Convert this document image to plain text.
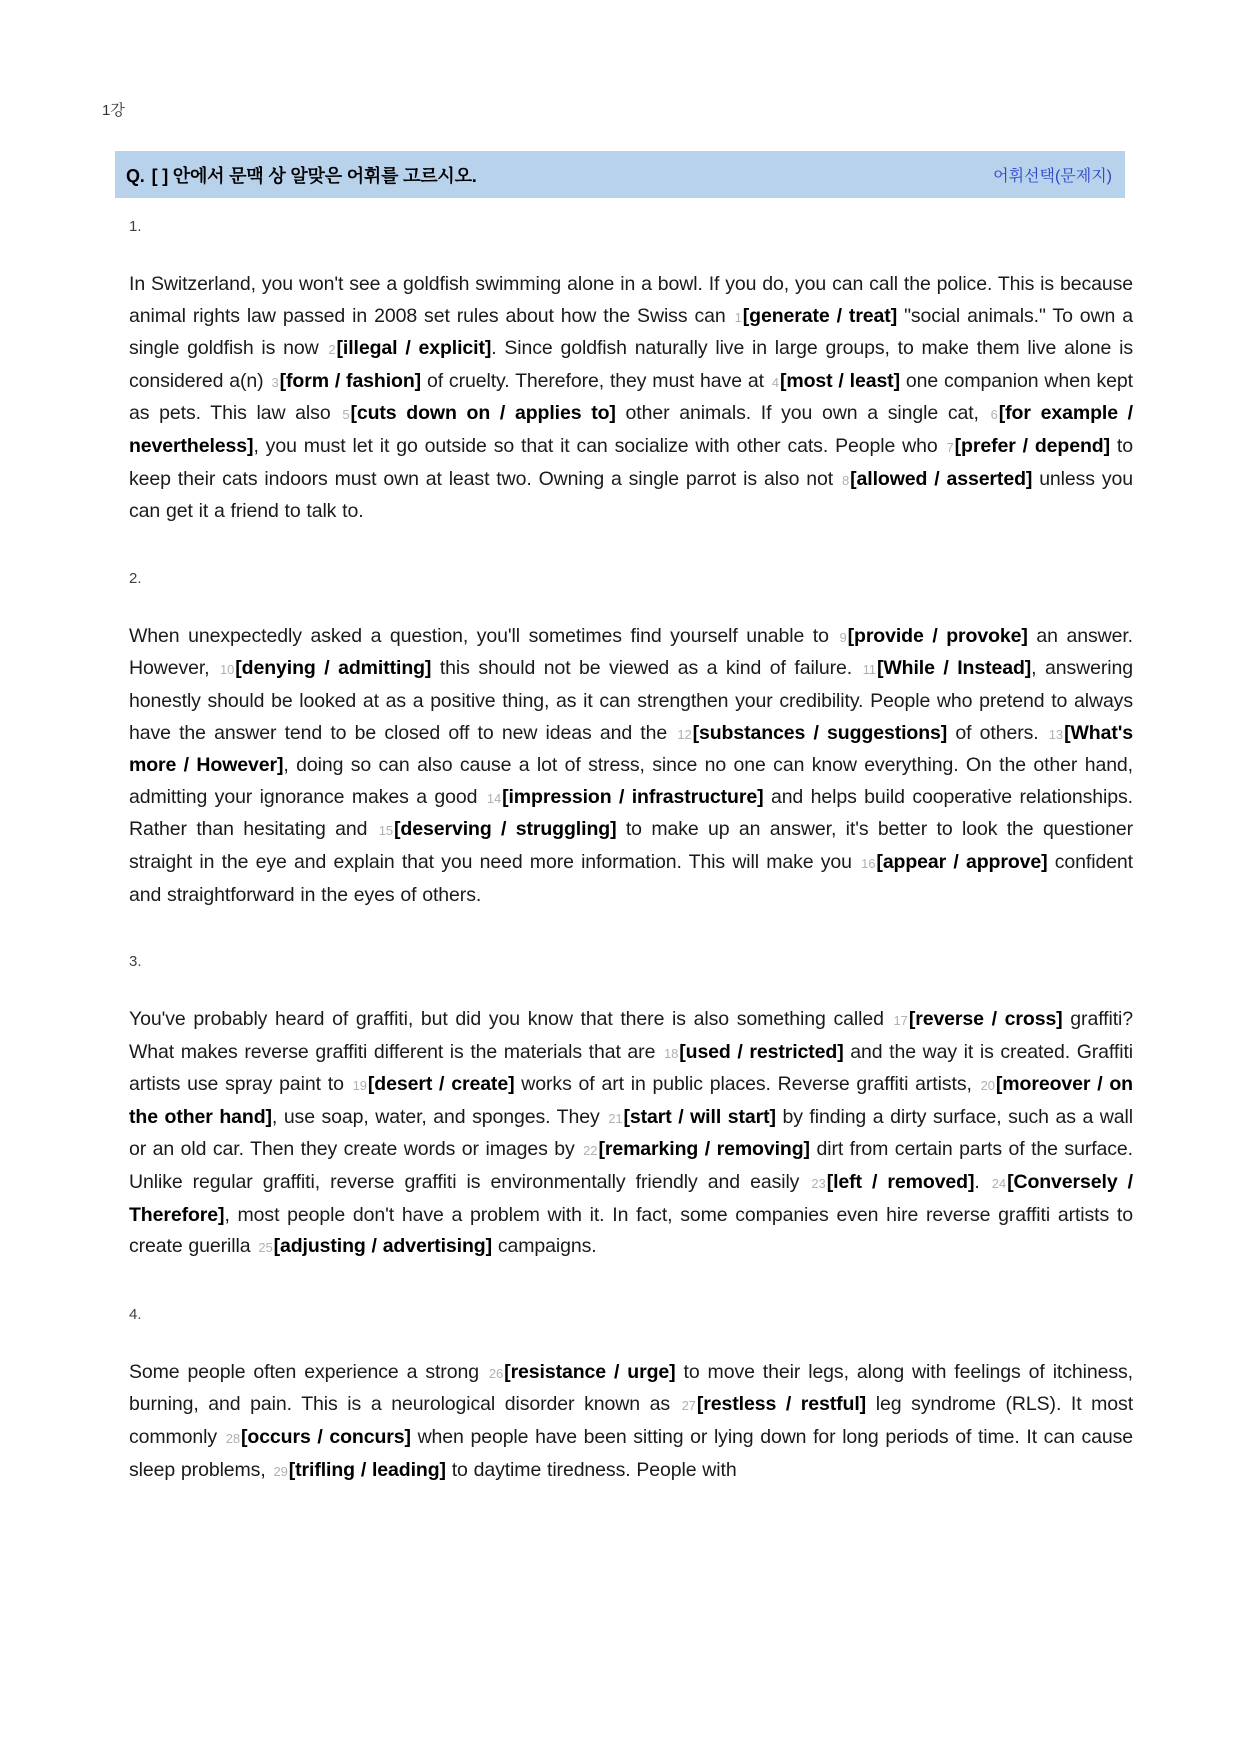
1강
Q. [ ] 안에서 문맥 상 알맞은 어휘를 고르시오.	어휘선택(문제지)
1.

In Switzerland, you won't see a goldfish swimming alone in a bowl. If you do, you can call the police. This is because animal rights law passed in 2008 set rules about how the Swiss can 1[generate / treat] "social animals." To own a single goldfish is now 2[illegal / explicit]. Since goldfish naturally live in large groups, to make them live alone is considered a(n) 3[form / fashion] of cruelty. Therefore, they must have at 4[most / least] one companion when kept as pets. This law also 5[cuts down on / applies to] other animals. If you own a single cat, 6[for example / nevertheless], you must let it go outside so that it can socialize with other cats. People who 7[prefer / depend] to keep their cats indoors must own at least two. Owning a single parrot is also not 8[allowed / asserted] unless you can get it a friend to talk to.

2.

When unexpectedly asked a question, you'll sometimes find yourself unable to 9[provide / provoke] an answer. However, 10[denying / admitting] this should not be viewed as a kind of failure. 11[While / Instead], answering honestly should be looked at as a positive thing, as it can strengthen your credibility. People who pretend to always have the answer tend to be closed off to new ideas and the 12[substances / suggestions] of others. 13[What's more / However], doing so can also cause a lot of stress, since no one can know everything. On the other hand, admitting your ignorance makes a good 14[impression / infrastructure] and helps build cooperative relationships. Rather than hesitating and 15[deserving / struggling] to make up an answer, it's better to look the questioner straight in the eye and explain that you need more information. This will make you 16[appear / approve] confident and straightforward in the eyes of others.

3.

You've probably heard of graffiti, but did you know that there is also something called 17[reverse / cross] graffiti? What makes reverse graffiti different is the materials that are 18[used / restricted] and the way it is created. Graffiti artists use spray paint to 19[desert / create] works of art in public places. Reverse graffiti artists, 20[moreover / on the other hand], use soap, water, and sponges. They 21[start / will start] by finding a dirty surface, such as a wall or an old car. Then they create words or images by 22[remarking / removing] dirt from certain parts of the surface. Unlike regular graffiti, reverse graffiti is environmentally friendly and easily 23[left / removed]. 24[Conversely / Therefore], most people don't have a problem with it. In fact, some companies even hire reverse graffiti artists to create guerilla 25[adjusting / advertising] campaigns.

4.

Some people often experience a strong 26[resistance / urge] to move their legs, along with feelings of itchiness, burning, and pain. This is a neurological disorder known as 27[restless / restful] leg syndrome (RLS). It most commonly 28[occurs / concurs] when people have been sitting or lying down for long periods of time. It can cause sleep problems, 29[trifling / leading] to daytime tiredness. People with
